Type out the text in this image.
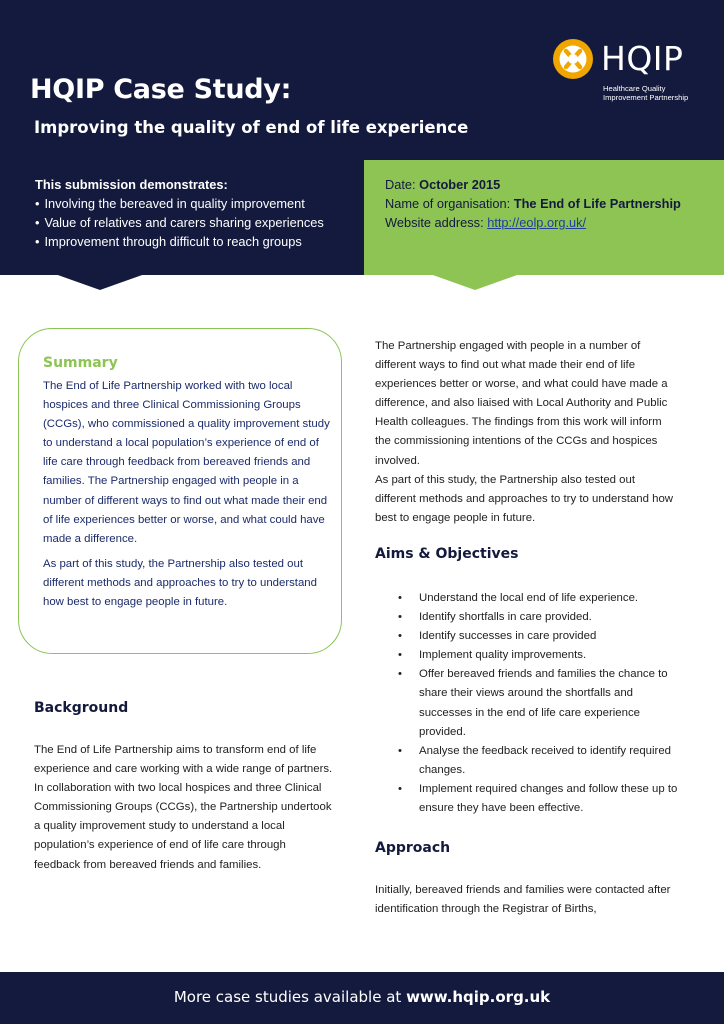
HQIP Case Study:
Improving the quality of end of life experience
HQIP
Healthcare Quality
Improvement Partnership
This submission demonstrates:
• Involving the bereaved in quality improvement
• Value of relatives and carers sharing experiences
• Improvement through difficult to reach groups
Date: October 2015
Name of organisation: The End of Life Partnership
Website address: http://eolp.org.uk/
Summary

The End of Life Partnership worked with two local hospices and three Clinical Commissioning Groups (CCGs), who commissioned a quality improvement study to understand a local population’s experience of end of life care through feedback from bereaved friends and families. The Partnership engaged with people in a number of different ways to find out what made their end of life experiences better or worse, and what could have made a difference.

As part of this study, the Partnership also tested out different methods and approaches to try to understand how best to engage people in future.

Background
The End of Life Partnership aims to transform end of life experience and care working with a wide range of partners. In collaboration with two local hospices and three Clinical Commissioning Groups (CCGs), the Partnership undertook a quality improvement study to understand a local population’s experience of end of life care through feedback from bereaved friends and families.
The Partnership engaged with people in a number of different ways to find out what made their end of life experiences better or worse, and what could have made a difference, and also liaised with Local Authority and Public Health colleagues. The findings from this work will inform the commissioning intentions of the CCGs and hospices involved.
As part of this study, the Partnership also tested out different methods and approaches to try to understand how best to engage people in future.
Aims & Objectives
• Understand the local end of life experience.
• Identify shortfalls in care provided.
• Identify successes in care provided
• Implement quality improvements.
• Offer bereaved friends and families the chance to share their views around the shortfalls and successes in the end of life care experience provided.
• Analyse the feedback received to identify required changes.
• Implement required changes and follow these up to ensure they have been effective.
Approach
Initially, bereaved friends and families were contacted after identification through the Registrar of Births,
More case studies available at www.hqip.org.uk
